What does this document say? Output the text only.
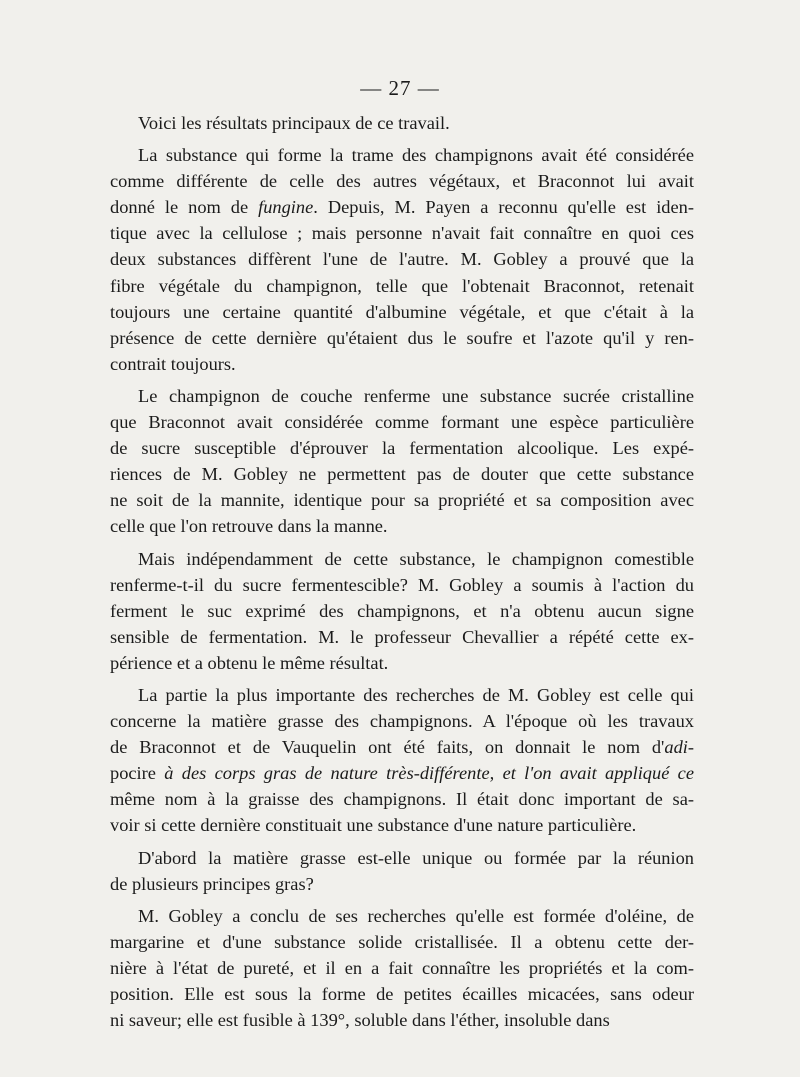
— 27 —

Voici les résultats principaux de ce travail.

La substance qui forme la trame des champignons avait été considérée
comme différente de celle des autres végétaux, et Braconnot lui avait
donné le nom de fungine. Depuis, M. Payen a reconnu qu'elle est iden-
tique avec la cellulose ; mais personne n'avait fait connaître en quoi ces
deux substances diffèrent l'une de l'autre. M. Gobley a prouvé que la
fibre végétale du champignon, telle que l'obtenait Braconnot, retenait
toujours une certaine quantité d'albumine végétale, et que c'était à la
présence de cette dernière qu'étaient dus le soufre et l'azote qu'il y ren-
contrait toujours.

Le champignon de couche renferme une substance sucrée cristalline
que Braconnot avait considérée comme formant une espèce particulière
de sucre susceptible d'éprouver la fermentation alcoolique. Les expé-
riences de M. Gobley ne permettent pas de douter que cette substance
ne soit de la mannite, identique pour sa propriété et sa composition avec
celle que l'on retrouve dans la manne.

Mais indépendamment de cette substance, le champignon comestible
renferme-t-il du sucre fermentescible? M. Gobley a soumis à l'action du
ferment le suc exprimé des champignons, et n'a obtenu aucun signe
sensible de fermentation. M. le professeur Chevallier a répété cette ex-
périence et a obtenu le même résultat.

La partie la plus importante des recherches de M. Gobley est celle qui
concerne la matière grasse des champignons. A l'époque où les travaux
de Braconnot et de Vauquelin ont été faits, on donnait le nom d'adi-
pocire à des corps gras de nature très-différente, et l'on avait appliqué ce
même nom à la graisse des champignons. Il était donc important de sa-
voir si cette dernière constituait une substance d'une nature particulière.

D'abord la matière grasse est-elle unique ou formée par la réunion
de plusieurs principes gras?

M. Gobley a conclu de ses recherches qu'elle est formée d'oléine, de
margarine et d'une substance solide cristallisée. Il a obtenu cette der-
nière à l'état de pureté, et il en a fait connaître les propriétés et la com-
position. Elle est sous la forme de petites écailles micacées, sans odeur
ni saveur; elle est fusible à 139°, soluble dans l'éther, insoluble dans
